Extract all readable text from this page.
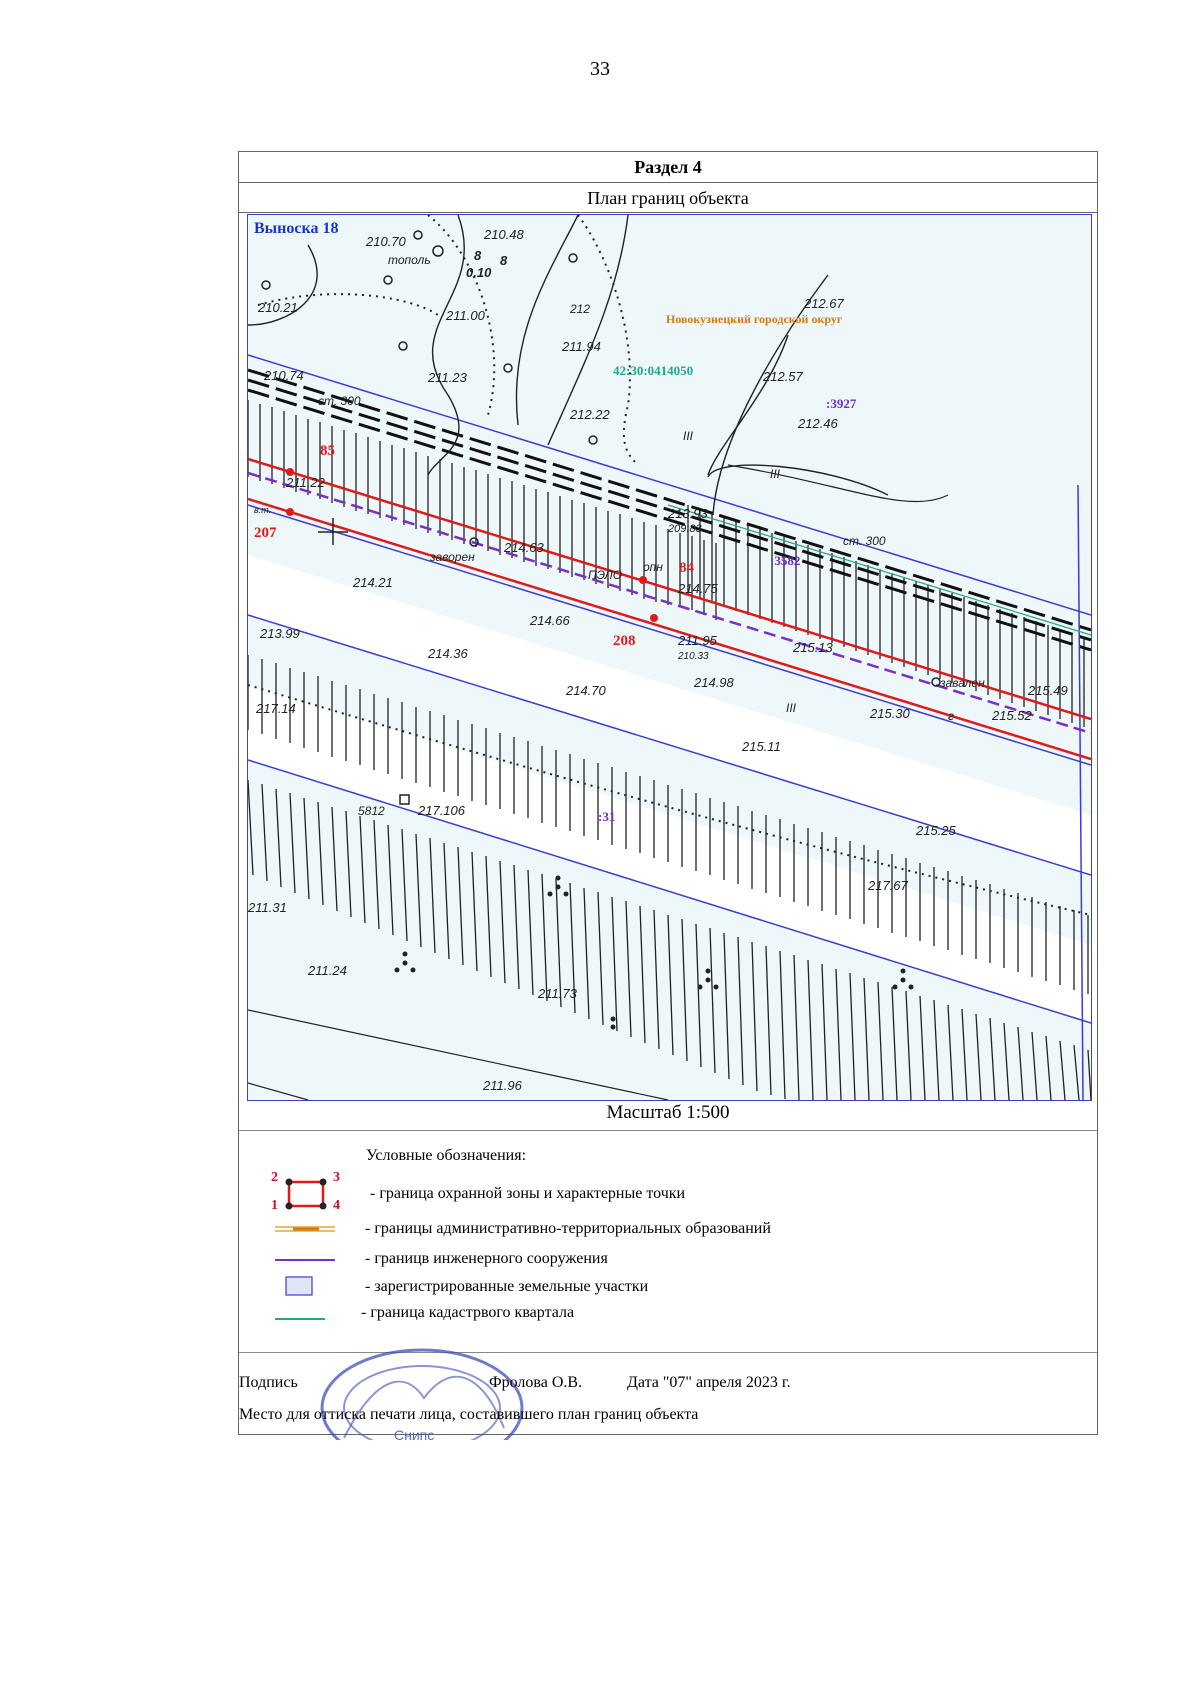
33
Раздел 4
План границ объекта
Выноска 18
Новокузнецкий городской округ
42:30:0414050
:3927
:3582
:31
85
207
84
208
210.70	210.48
210.21
211.00
211.94
211.23
212.22
212.67
212.57
212.46
210.74
211.22
214.63
214.21	214.75
214.66
214.36
213.99	211.95
210.33
215.13
214.98
214.70	215.49
215.52
215.30
215.11
217.14
217.106
215.25
217.67
211.31
211.24
211.73
211.96
213.93
209.83
тополь	8
0.10
8
ст. 300
ст. 300
заворен
ПЭЛО
опн
в.т.
завален
5812
212
III
III
III
г
Масштаб 1:500
Условные обозначения:
2	3
1	4
- граница охранной зоны и характерные точки
- границы административно-территориальных образований
- границв инженерного сооружения
- зарегистрированные земельные участки
- граница кадастрвого квартала
Снипс
Подпись	Фролова О.В.	Дата "07" апреля 2023 г.
Место для оттиска печати лица, составившего план границ объекта
